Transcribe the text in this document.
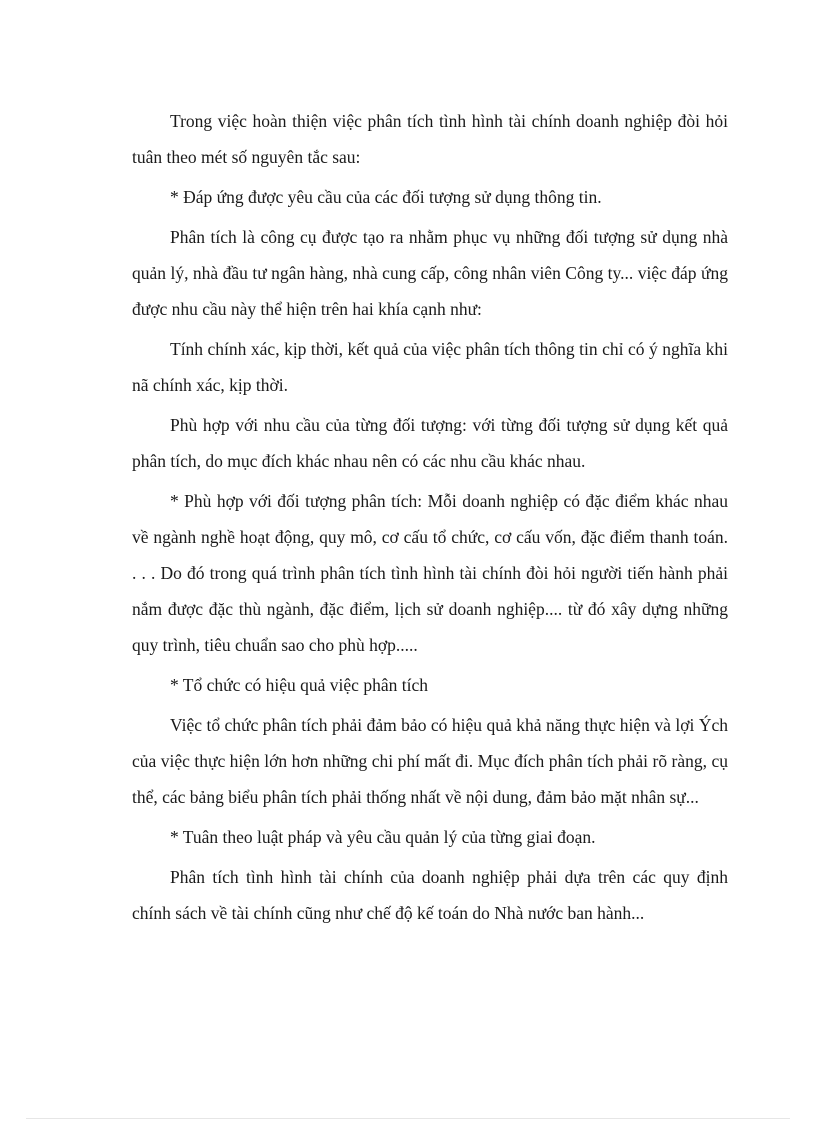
Trong việc hoàn thiện việc phân tích tình hình tài chính doanh nghiệp đòi hỏi tuân theo mét số nguyên tắc sau:

* Đáp ứng được yêu cầu của các đối tượng sử dụng thông tin.

Phân tích là công cụ được tạo ra nhằm phục vụ những đối tượng sử dụng nhà quản lý, nhà đầu tư ngân hàng, nhà cung cấp, công nhân viên Công ty... việc đáp ứng được nhu cầu này thể hiện trên hai khía cạnh như:

Tính chính xác, kịp thời, kết quả của việc phân tích thông tin chỉ có ý nghĩa khi nã chính xác, kịp thời.

Phù hợp với nhu cầu của từng đối tượng: với từng đối tượng sử dụng kết quả phân tích, do mục đích khác nhau nên có các nhu cầu khác nhau.

* Phù hợp với đối tượng phân tích: Mỗi doanh nghiệp có đặc điểm khác nhau về ngành nghề hoạt động, quy mô, cơ cấu tổ chức, cơ cấu vốn, đặc điểm thanh toán. . . . Do đó trong quá trình phân tích tình hình tài chính đòi hỏi người tiến hành phải nắm được đặc thù ngành, đặc điểm, lịch sử doanh nghiệp.... từ đó xây dựng những quy trình, tiêu chuẩn sao cho phù hợp.....

* Tổ chức có hiệu quả việc phân tích

Việc tổ chức phân tích phải đảm bảo có hiệu quả khả năng thực hiện và lợi Ých của việc thực hiện lớn hơn những chi phí mất đi. Mục đích phân tích phải rõ ràng, cụ thể, các bảng biểu phân tích phải thống nhất về nội dung, đảm bảo mặt nhân sự...

* Tuân theo luật pháp và yêu cầu quản lý của từng giai đoạn.

Phân tích tình hình tài chính của doanh nghiệp phải dựa trên các quy định chính sách về tài chính cũng như chế độ kế toán do Nhà nước ban hành...
